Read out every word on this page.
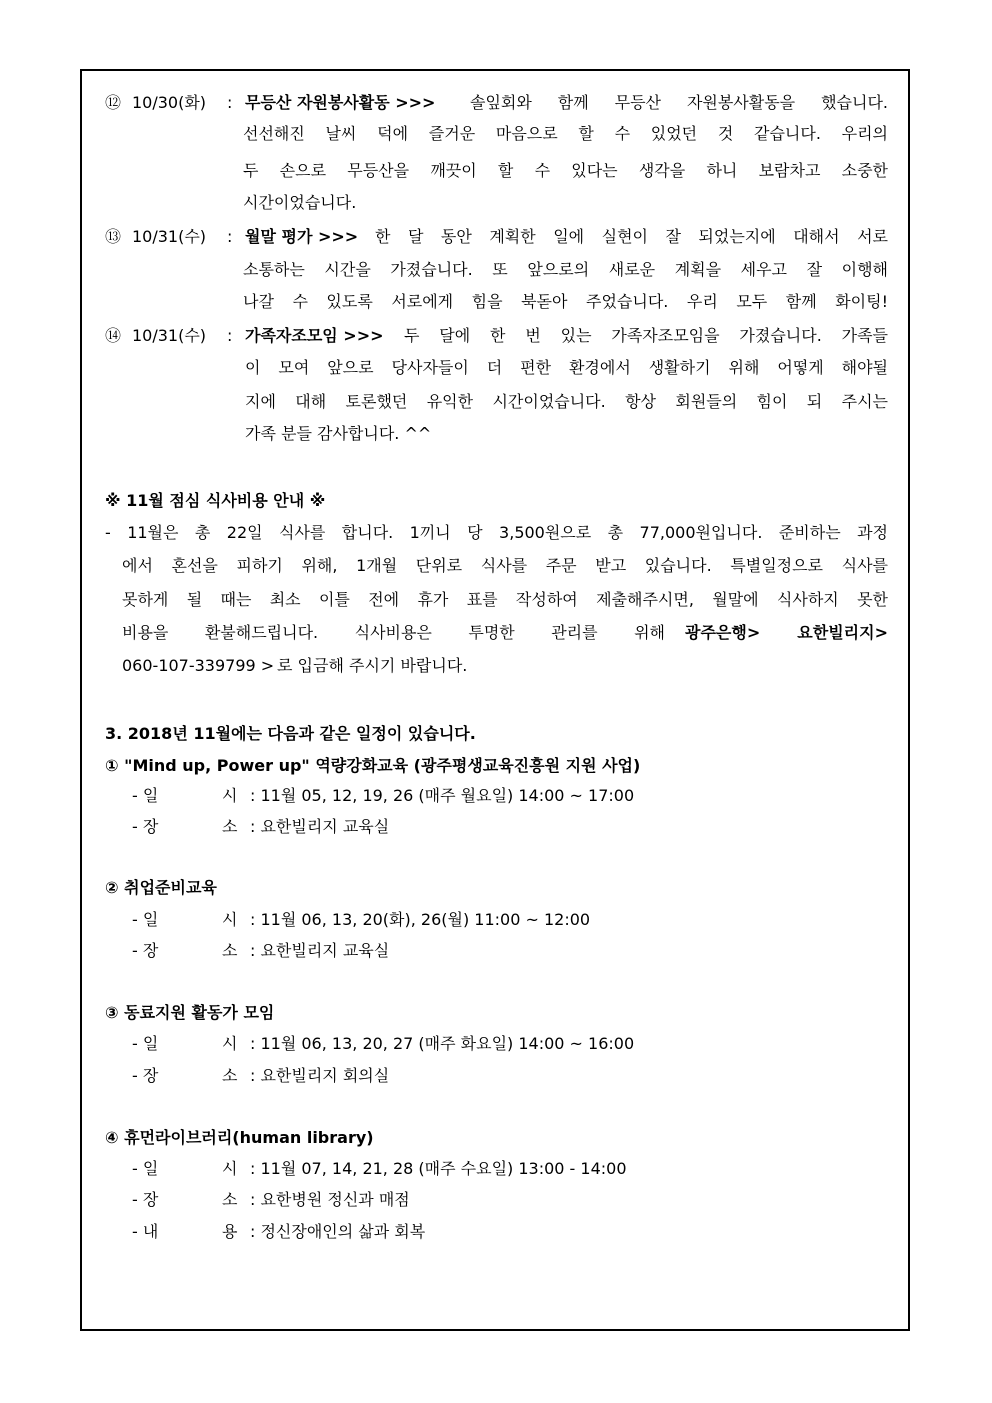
⑫ 10/30(화) : 무등산 자원봉사활동 >>> 솔잎회와 함께 무등산 자원봉사활동을 했습니다.
선선해진 날씨 덕에 즐거운 마음으로 할 수 있었던 것 같습니다. 우리의
두 손으로 무등산을 깨끗이 할 수 있다는 생각을 하니 보람차고 소중한
시간이었습니다.
⑬ 10/31(수) : 월말 평가 >>> 한 달 동안 계획한 일에 실현이 잘 되었는지에 대해서 서로
소통하는 시간을 가졌습니다. 또 앞으로의 새로운 계획을 세우고 잘 이행해
나갈 수 있도록 서로에게 힘을 북돋아 주었습니다. 우리 모두 함께 화이팅!
⑭ 10/31(수) : 가족자조모임 >>> 두 달에 한 번 있는 가족자조모임을 가졌습니다. 가족들
이 모여 앞으로 당사자들이 더 편한 환경에서 생활하기 위해 어떻게 해야될
지에 대해 토론했던 유익한 시간이었습니다. 항상 회원들의 힘이 되 주시는
가족 분들 감사합니다. ^^
※ 11월 점심 식사비용 안내 ※
- 11월은 총 22일 식사를 합니다. 1끼니 당 3,500원으로 총 77,000원입니다. 준비하는 과정
에서 혼선을 피하기 위해, 1개월 단위로 식사를 주문 받고 있습니다. 특별일정으로 식사를
못하게 될 때는 최소 이틀 전에 휴가 표를 작성하여 제출해주시면, 월말에 식사하지 못한
비용을 환불해드립니다. 식사비용은 투명한 관리를 위해 광주은행> 요한빌리지>
060-107-339799 > 로 입금해 주시기 바랍니다.
3. 2018년 11월에는 다음과 같은 일정이 있습니다.
① "Mind up, Power up" 역량강화교육 (광주평생교육진흥원 지원 사업)
- 일	시 : 11월 05, 12, 19, 26 (매주 월요일) 14:00 ~ 17:00
- 장	소 : 요한빌리지 교육실
② 취업준비교육
- 일	시 : 11월 06, 13, 20(화), 26(월) 11:00 ~ 12:00
- 장	소 : 요한빌리지 교육실
③ 동료지원 활동가 모임
- 일	시 : 11월 06, 13, 20, 27 (매주 화요일) 14:00 ~ 16:00
- 장	소 : 요한빌리지 회의실
④ 휴먼라이브러리(human library)
- 일	시 : 11월 07, 14, 21, 28 (매주 수요일) 13:00 - 14:00
- 장	소 : 요한병원 정신과 매점
- 내	용 : 정신장애인의 삶과 회복
